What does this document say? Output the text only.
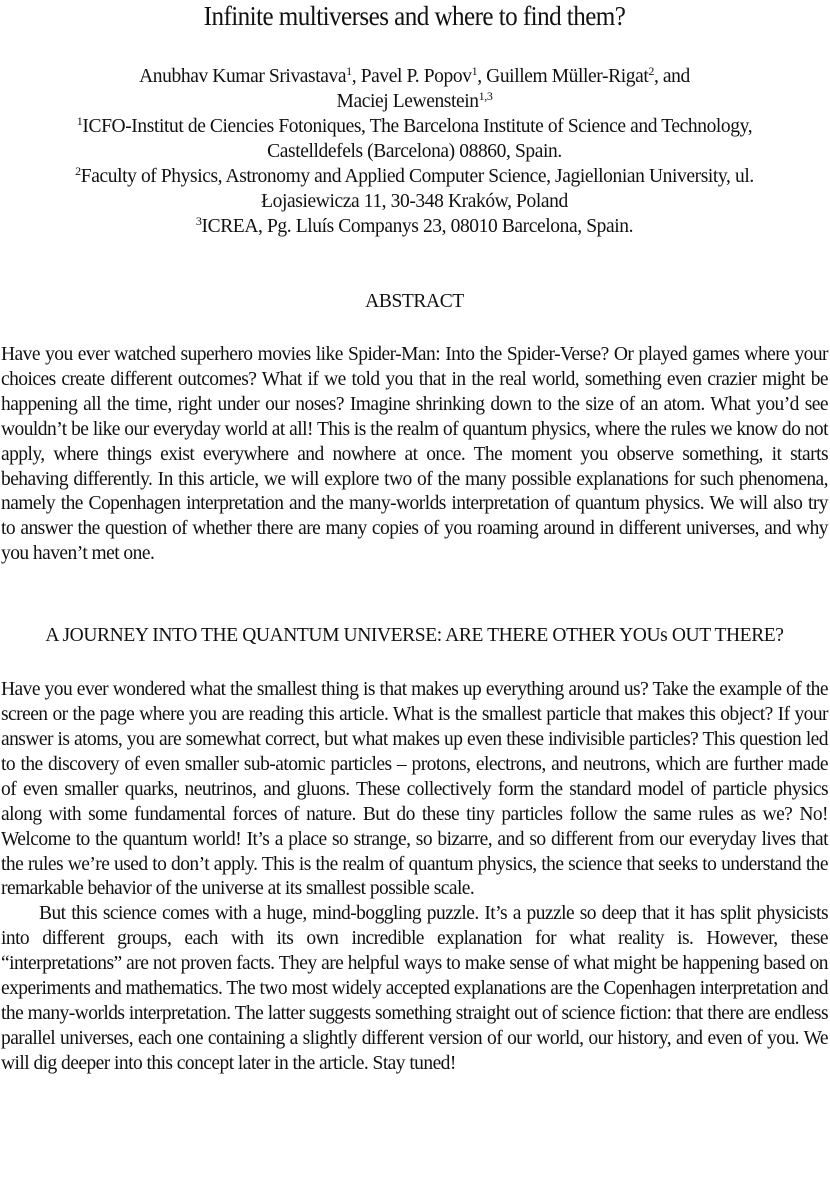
Infinite multiverses and where to find them?
Anubhav Kumar Srivastava$^1$, Pavel P. Popov$^1$, Guillem Müller-Rigat$^2$, and
Maciej Lewenstein$^{1,3}$
$^1$ICFO-Institut de Ciencies Fotoniques, The Barcelona Institute of Science and Technology,
Castelldefels (Barcelona) 08860, Spain.
$^2$Faculty of Physics, Astronomy and Applied Computer Science, Jagiellonian University, ul.
Łojasiewicza 11, 30-348 Kraków, Poland
$^3$ICREA, Pg. Lluís Companys 23, 08010 Barcelona, Spain.
ABSTRACT

Have you ever watched superhero movies like Spider-Man: Into the Spider-Verse? Or played games where your choices create different outcomes? What if we told you that in the real world, something even crazier might be happening all the time, right under our noses? Imagine shrinking down to the size of an atom. What you’d see wouldn’t be like our everyday world at all! This is the realm of quantum physics, where the rules we know do not apply, where things exist everywhere and nowhere at once. The moment you observe something, it starts behaving differently. In this article, we will explore two of the many possible explanations for such phenomena, namely the Copenhagen interpretation and the many-worlds interpretation of quantum physics. We will also try to answer the question of whether there are many copies of you roaming around in different universes, and why you haven’t met one.

A JOURNEY INTO THE QUANTUM UNIVERSE: ARE THERE OTHER YOUs OUT THERE?

Have you ever wondered what the smallest thing is that makes up everything around us? Take the example of the screen or the page where you are reading this article. What is the smallest particle that makes this object? If your answer is atoms, you are somewhat correct, but what makes up even these indivisible particles? This question led to the discovery of even smaller sub-atomic particles – protons, electrons, and neutrons, which are further made of even smaller quarks, neutrinos, and gluons. These collectively form the standard model of particle physics along with some fundamental forces of nature. But do these tiny particles follow the same rules as we? No! Welcome to the quantum world! It’s a place so strange, so bizarre, and so different from our everyday lives that the rules we’re used to don’t apply. This is the realm of quantum physics, the science that seeks to understand the remarkable behavior of the universe at its smallest possible scale.

But this science comes with a huge, mind-boggling puzzle. It’s a puzzle so deep that it has split physicists into different groups, each with its own incredible explanation for what reality is. However, these “interpretations” are not proven facts. They are helpful ways to make sense of what might be happening based on experiments and mathematics. The two most widely accepted explanations are the Copenhagen interpretation and the many-worlds interpretation. The latter suggests something straight out of science fiction: that there are endless parallel universes, each one containing a slightly different version of our world, our history, and even of you. We will dig deeper into this concept later in the article. Stay tuned!
